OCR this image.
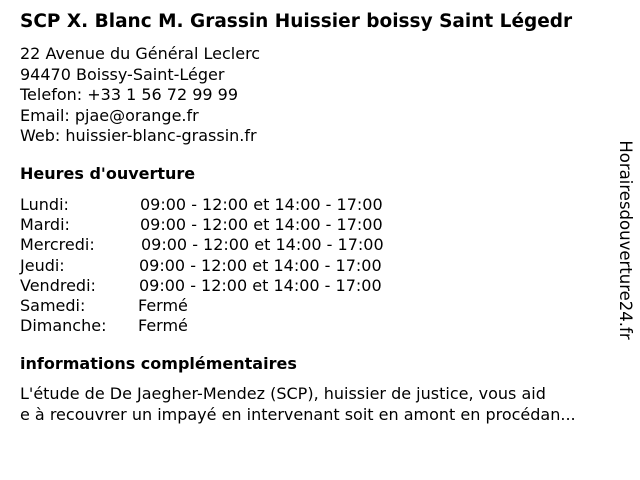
SCP X. Blanc M. Grassin Huissier boissy Saint Légedr
22 Avenue du Général Leclerc
94470 Boissy-Saint-Léger
Telefon: +33 1 56 72 99 99
Email: pjae@orange.fr
Web: huissier-blanc-grassin.fr
Heures d'ouverture
Lundi:	09:00 - 12:00 et 14:00 - 17:00
Mardi:	09:00 - 12:00 et 14:00 - 17:00
Mercredi:	09:00 - 12:00 et 14:00 - 17:00
Jeudi:	09:00 - 12:00 et 14:00 - 17:00
Vendredi:	09:00 - 12:00 et 14:00 - 17:00
Samedi:	Fermé
Dimanche: Fermé
informations complémentaires
L'étude de De Jaegher-Mendez (SCP), huissier de justice, vous aid
e à recouvrer un impayé en intervenant soit en amont en procédan...
Horairesdouverture24.fr
